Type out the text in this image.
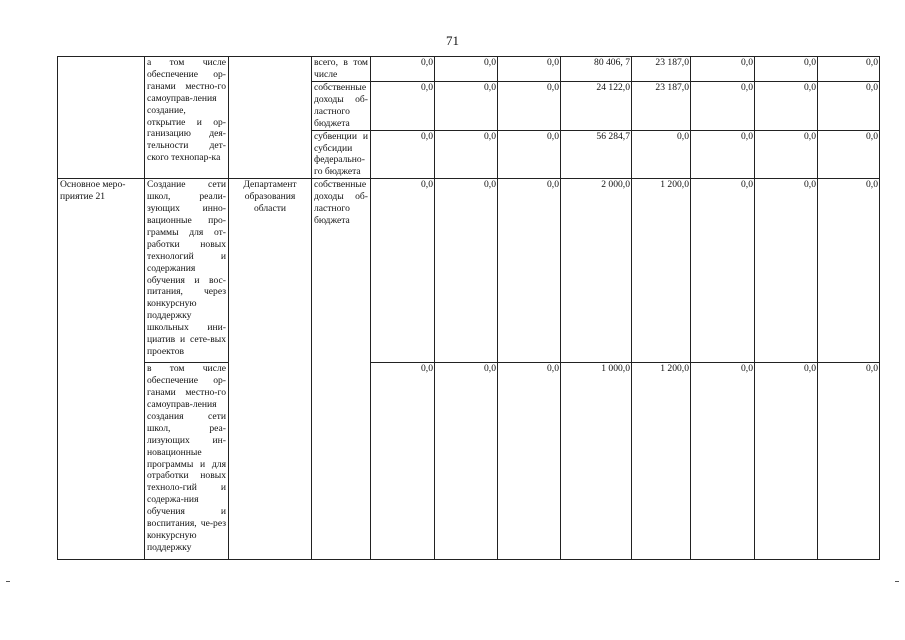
71
	а том числе обеспечение ор-ганами местно-го самоуправ-ления создание, открытие и ор-ганизацию дея-тельности дет-ского технопар-ка		всего, в том числе	0,0	0,0	0,0	80 406, 7	23 187,0	0,0	0,0	0,0
			собственные доходы об-ластного бюджета	0,0	0,0	0,0	24 122,0	23 187,0	0,0	0,0	0,0
			субвенции и субсидии федерально-го бюджета	0,0	0,0	0,0	56 284,7	0,0	0,0	0,0	0,0
Основное меро-приятие 21	Создание сети школ, реали-зующих инно-вационные про-граммы для от-работки новых технологий и содержания обучения и вос-питания, через конкурсную поддержку школьных ини-циатив и сете-вых проектов	Департамент образования области	собственные доходы об-ластного бюджета	0,0	0,0	0,0	2 000,0	1 200,0	0,0	0,0	0,0
	в том числе обеспечение ор-ганами местно-го самоуправ-ления создания сети школ, реа-лизующих ин-новационные программы и для отработки новых техноло-гий и содержа-ния обучения и воспитания, че-рез конкурсную поддержку			0,0	0,0	0,0	1 000,0	1 200,0	0,0	0,0	0,0
